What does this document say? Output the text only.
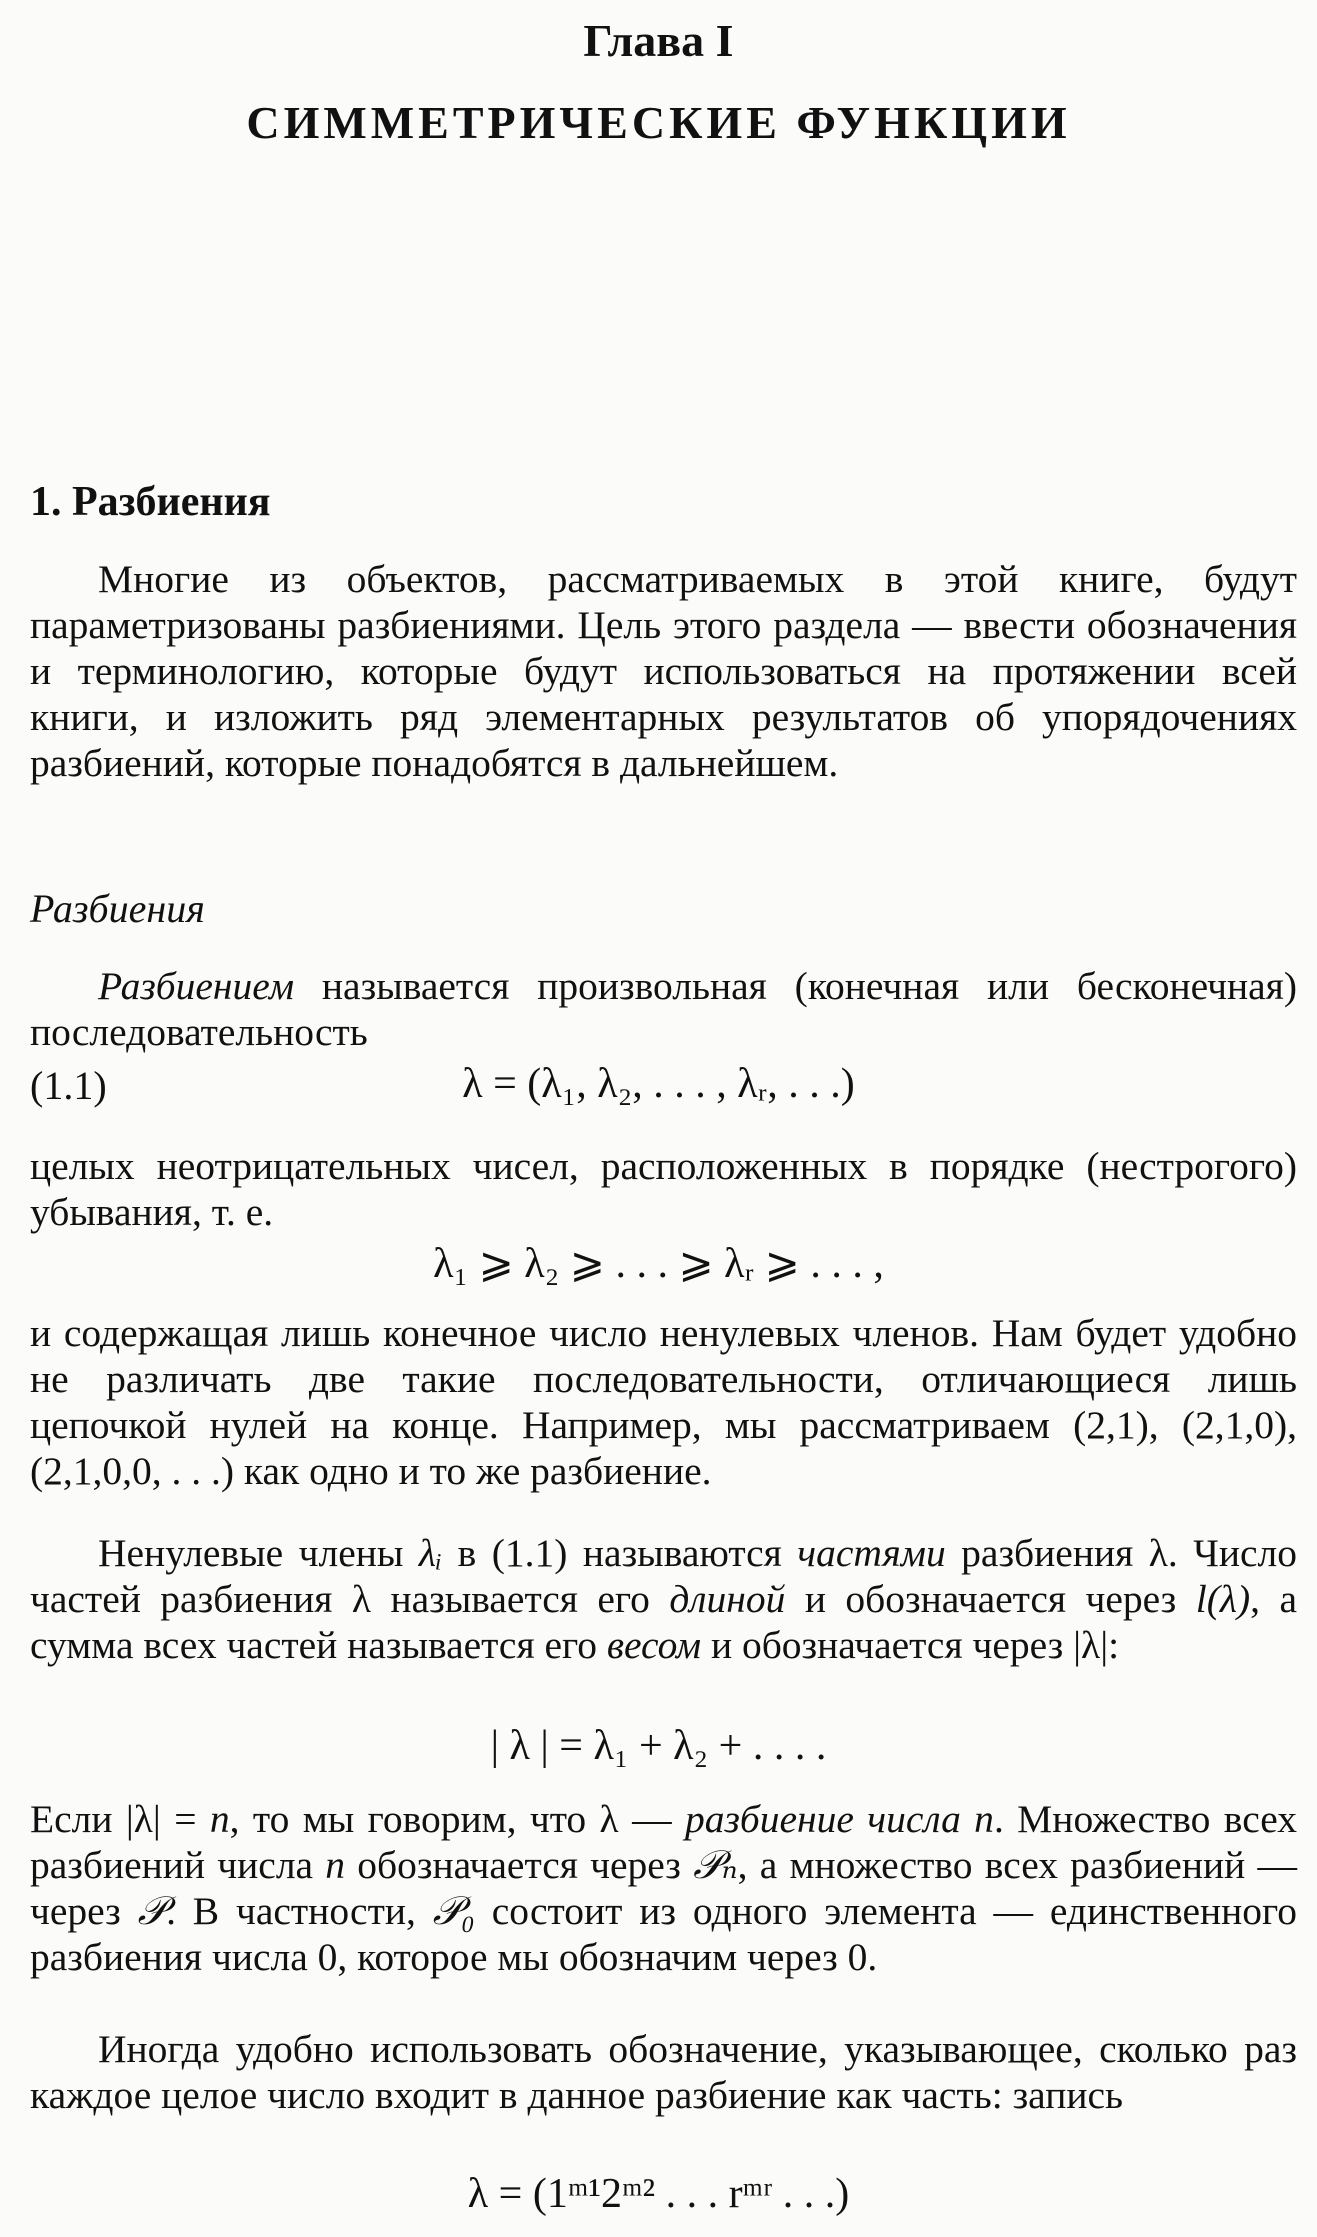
Глава I
СИММЕТРИЧЕСКИЕ ФУНКЦИИ
1. Разбиения

Многие из объектов, рассматриваемых в этой книге, будут параметризованы разбиениями. Цель этого раздела — ввести обозначения и терминологию, которые будут использоваться на протяжении всей книги, и изложить ряд элементарных результатов об упорядочениях разбиений, которые понадобятся в дальнейшем.

Разбиения

Разбиением называется произвольная (конечная или бесконечная) последовательность

(1.1)	λ = (λ₁, λ₂, . . . , λᵣ, . . .)

целых неотрицательных чисел, расположенных в порядке (нестрогого) убывания, т. е.

λ₁ ⩾ λ₂ ⩾ . . . ⩾ λᵣ ⩾ . . . ,

и содержащая лишь конечное число ненулевых членов. Нам будет удобно не различать две такие последовательности, отличающиеся лишь цепочкой нулей на конце. Например, мы рассматриваем (2,1), (2,1,0), (2,1,0,0, . . .) как одно и то же разбиение.

Ненулевые члены λᵢ в (1.1) называются частями разбиения λ. Число частей разбиения λ называется его длиной и обозначается через l(λ), а сумма всех частей называется его весом и обозначается через |λ|:

| λ | = λ₁ + λ₂ + . . . .

Если |λ| = n, то мы говорим, что λ — разбиение числа n. Множество всех разбиений числа n обозначается через 𝒫ₙ, а множество всех разбиений — через 𝒫. В частности, 𝒫₀ состоит из одного элемента — единственного разбиения числа 0, которое мы обозначим через 0.

Иногда удобно использовать обозначение, указывающее, сколько раз каждое целое число входит в данное разбиение как часть: запись

λ = (1ᵐ¹2ᵐ² . . . rᵐʳ . . .)
